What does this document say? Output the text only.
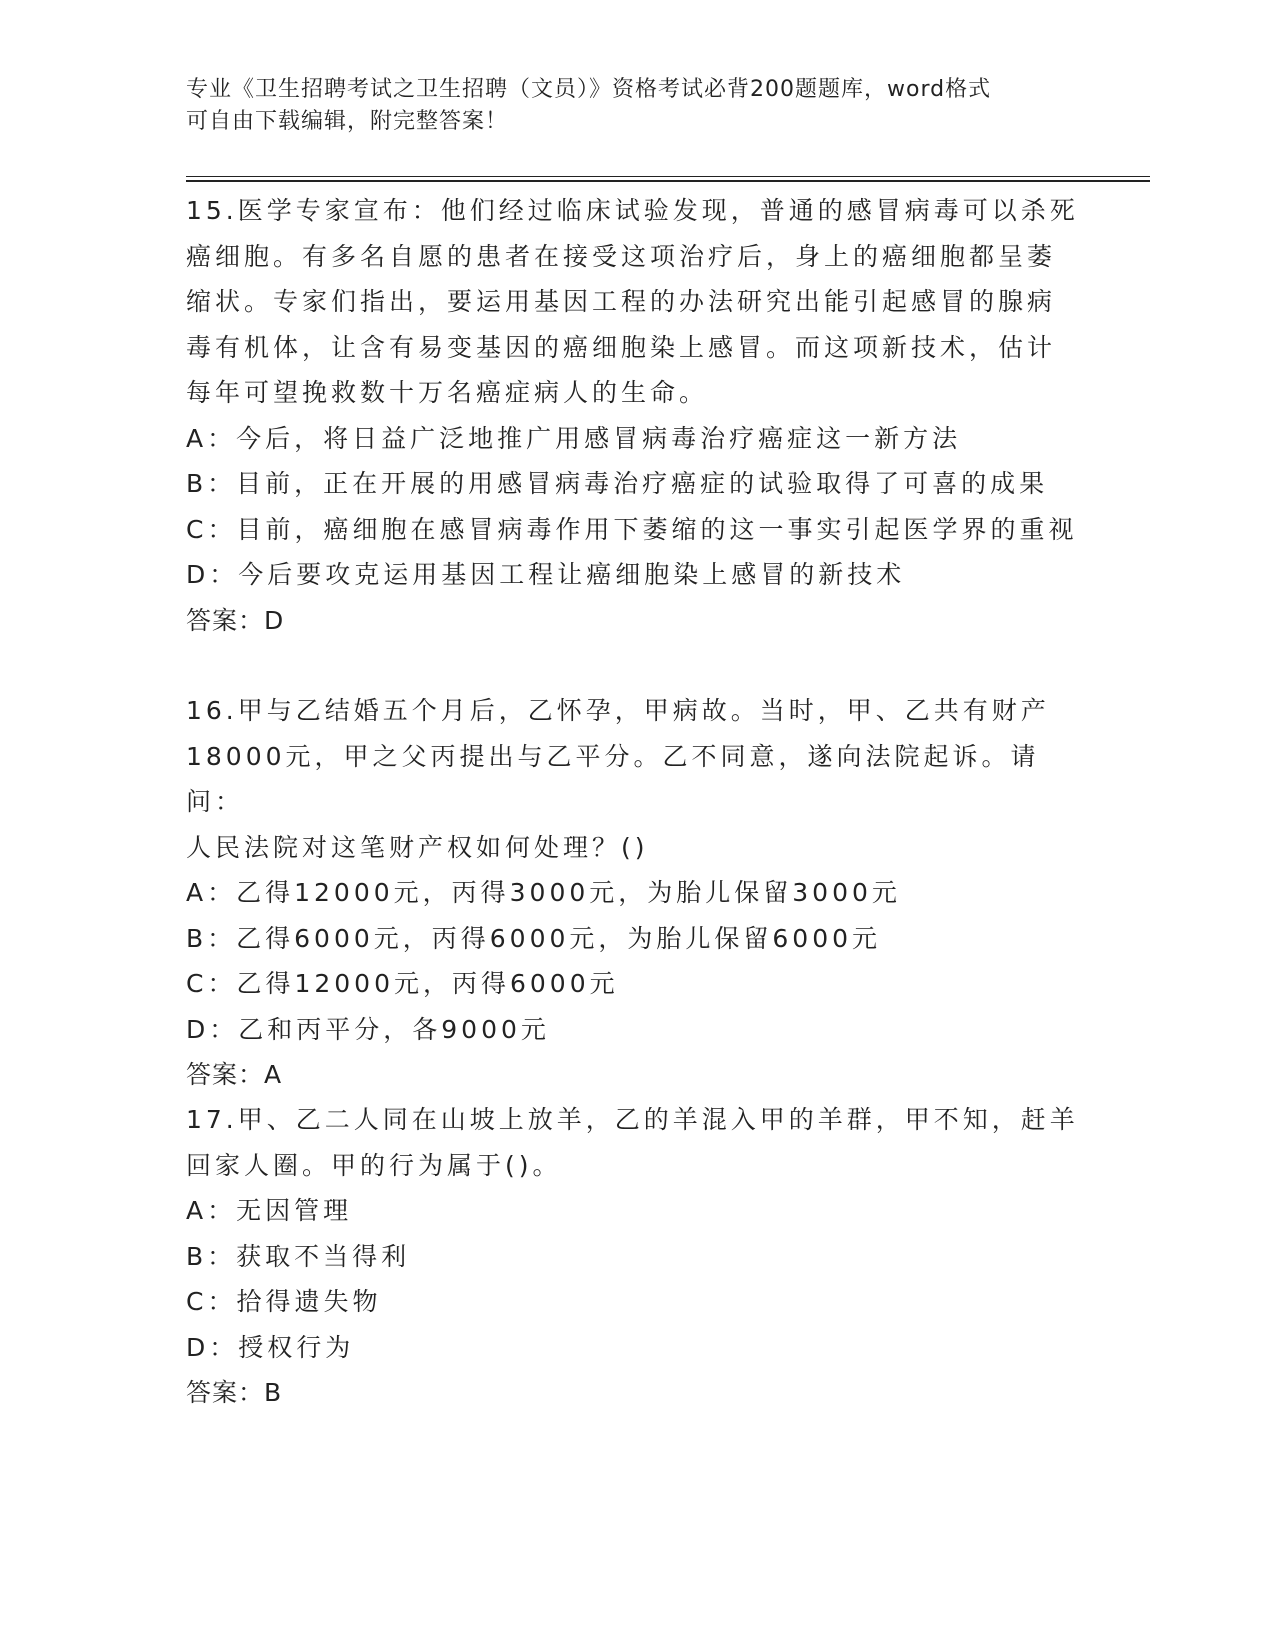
专业《卫生招聘考试之卫生招聘（文员）》资格考试必背200题题库，word格式
可自由下载编辑，附完整答案！
15.医学专家宣布：他们经过临床试验发现，普通的感冒病毒可以杀死
癌细胞。有多名自愿的患者在接受这项治疗后，身上的癌细胞都呈萎
缩状。专家们指出，要运用基因工程的办法研究出能引起感冒的腺病
毒有机体，让含有易变基因的癌细胞染上感冒。而这项新技术，估计
每年可望挽救数十万名癌症病人的生命。
A：今后，将日益广泛地推广用感冒病毒治疗癌症这一新方法
B：目前，正在开展的用感冒病毒治疗癌症的试验取得了可喜的成果
C：目前，癌细胞在感冒病毒作用下萎缩的这一事实引起医学界的重视
D：今后要攻克运用基因工程让癌细胞染上感冒的新技术
答案：D
16.甲与乙结婚五个月后，乙怀孕，甲病故。当时，甲、乙共有财产
18000元，甲之父丙提出与乙平分。乙不同意，遂向法院起诉。请问：
人民法院对这笔财产权如何处理？()
A：乙得12000元，丙得3000元，为胎儿保留3000元
B：乙得6000元，丙得6000元，为胎儿保留6000元
C：乙得12000元，丙得6000元
D：乙和丙平分，各9000元
答案：A
17.甲、乙二人同在山坡上放羊，乙的羊混入甲的羊群，甲不知，赶羊
回家人圈。甲的行为属于()。
A：无因管理
B：获取不当得利
C：拾得遗失物
D：授权行为
答案：B
